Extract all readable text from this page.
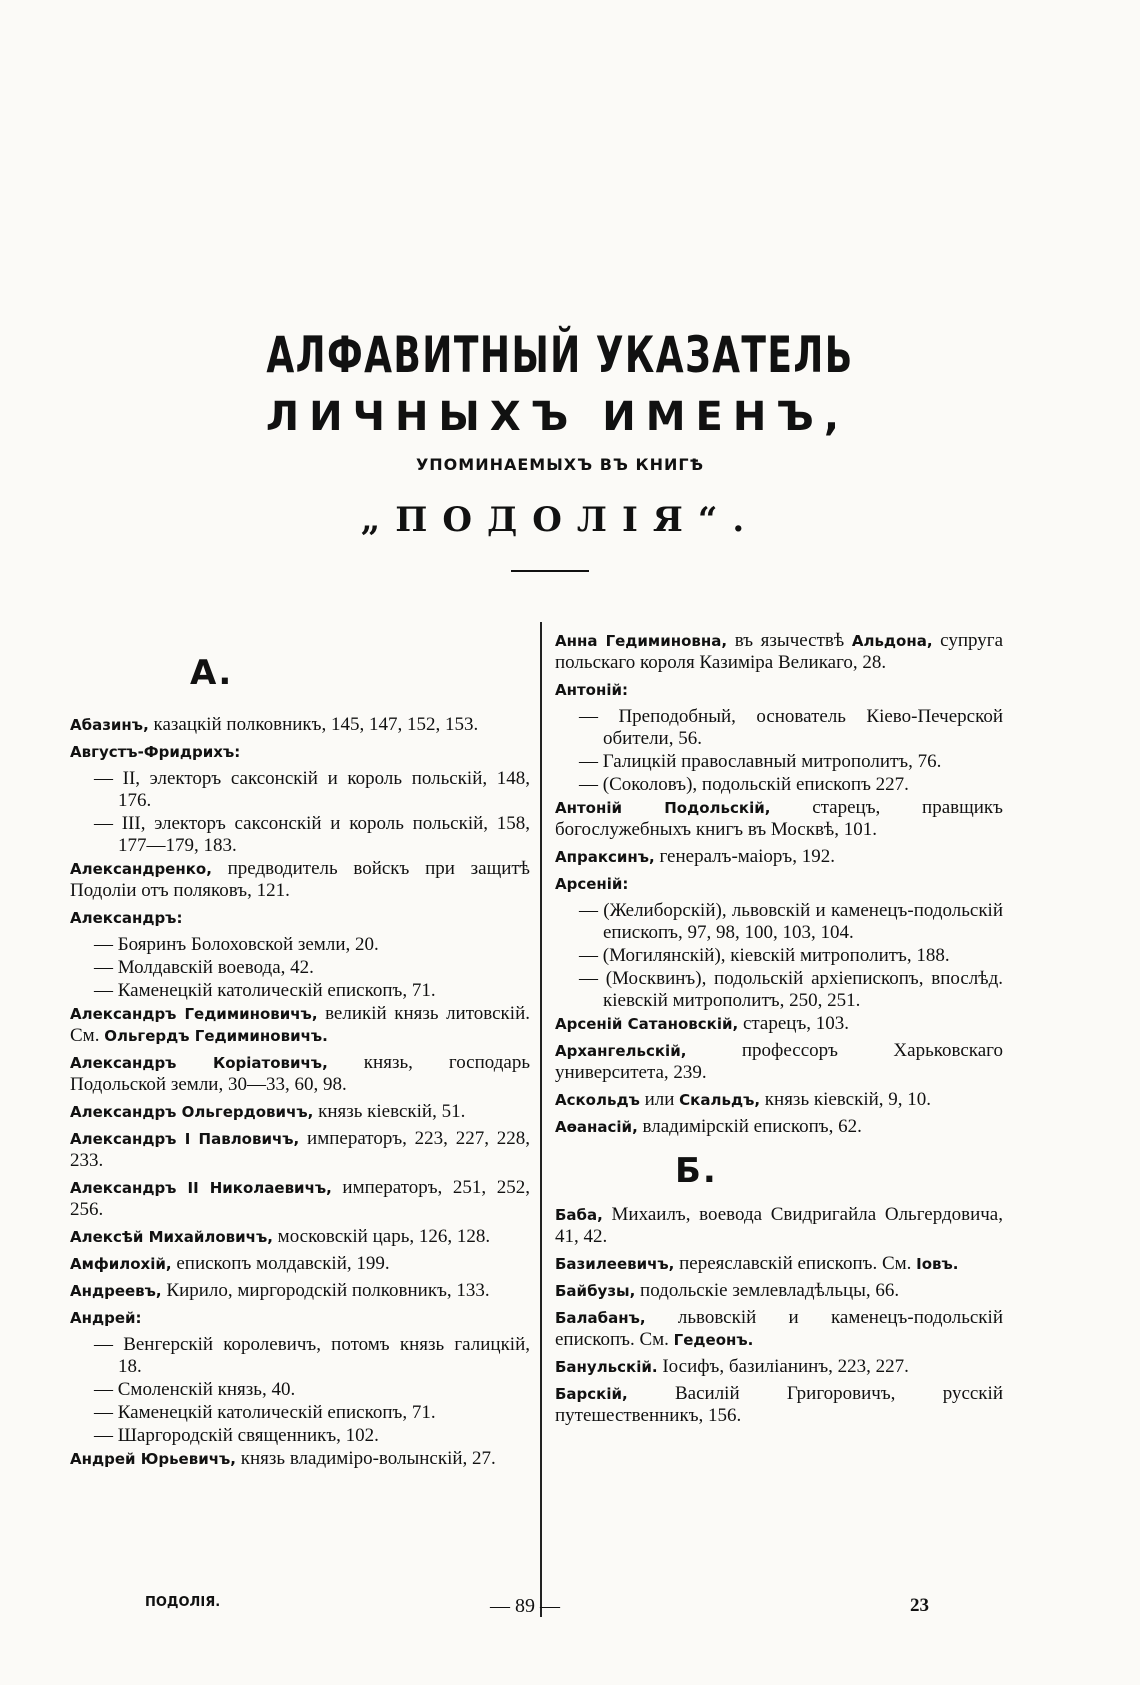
АЛФАВИТНЫЙ УКАЗАТЕЛЬ
ЛИЧНЫХЪ ИМЕНЪ,
УПОМИНАЕМЫХЪ ВЪ КНИГѢ
„ПОДОЛІЯ“.
А.
Абазинъ, казацкій полковникъ, 145, 147, 152, 153.
Августъ-Фридрихъ:
— II, электоръ саксонскій и король польскій, 148, 176.
— III, электоръ саксонскій и король польскій, 158, 177—179, 183.
Александренко, предводитель войскъ при защитѣ Подоліи отъ поляковъ, 121.
Александръ:
— Бояринъ Болоховской земли, 20.
— Молдавскій воевода, 42.
— Каменецкій католическій епископъ, 71.
Александръ Гедиминовичъ, великій князь литовскій. См. Ольгердъ Гедиминовичъ.
Александръ Коріатовичъ, князь, господарь Подольской земли, 30—33, 60, 98.
Александръ Ольгердовичъ, князь кіевскій, 51.
Александръ I Павловичъ, императоръ, 223, 227, 228, 233.
Александръ II Николаевичъ, императоръ, 251, 252, 256.
Алексѣй Михайловичъ, московскій царь, 126, 128.
Амфилохій, епископъ молдавскій, 199.
Андреевъ, Кирило, миргородскій полковникъ, 133.
Андрей:
— Венгерскій королевичъ, потомъ князь галицкій, 18.
— Смоленскій князь, 40.
— Каменецкій католическій епископъ, 71.
— Шаргородскій священникъ, 102.
Андрей Юрьевичъ, князь владиміро-волынскій, 27.
Анна Гедиминовна, въ язычествѣ Альдона, супруга польскаго короля Казиміра Великаго, 28.
Антоній:
— Преподобный, основатель Кіево-Печерской обители, 56.
— Галицкій православный митрополитъ, 76.
— (Соколовъ), подольскій епископъ 227.
Антоній Подольскій, старецъ, правщикъ богослужебныхъ книгъ въ Москвѣ, 101.
Апраксинъ, генералъ-маіоръ, 192.
Арсеній:
— (Желиборскій), львовскій и каменецъ-подольскій епископъ, 97, 98, 100, 103, 104.
— (Могилянскій), кіевскій митрополитъ, 188.
— (Москвинъ), подольскій архіепископъ, впослѣд. кіевскій митрополитъ, 250, 251.
Арсеній Сатановскій, старецъ, 103.
Архангельскій, профессоръ Харьковскаго университета, 239.
Аскольдъ или Скальдъ, князь кіевскій, 9, 10.
Аѳанасій, владимірскій епископъ, 62.
Б.
Баба, Михаилъ, воевода Свидригайла Ольгердовича, 41, 42.
Базилеевичъ, переяславскій епископъ. См. Іовъ.
Байбузы, подольскіе землевладѣльцы, 66.
Балабанъ, львовскій и каменецъ-подольскій епископъ. См. Гедеонъ.
Банульскій. Іосифъ, базиліанинъ, 223, 227.
Барскій, Василій Григоровичъ, русскій путешественникъ, 156.
ПОДОЛІЯ.	— 89 —	23
